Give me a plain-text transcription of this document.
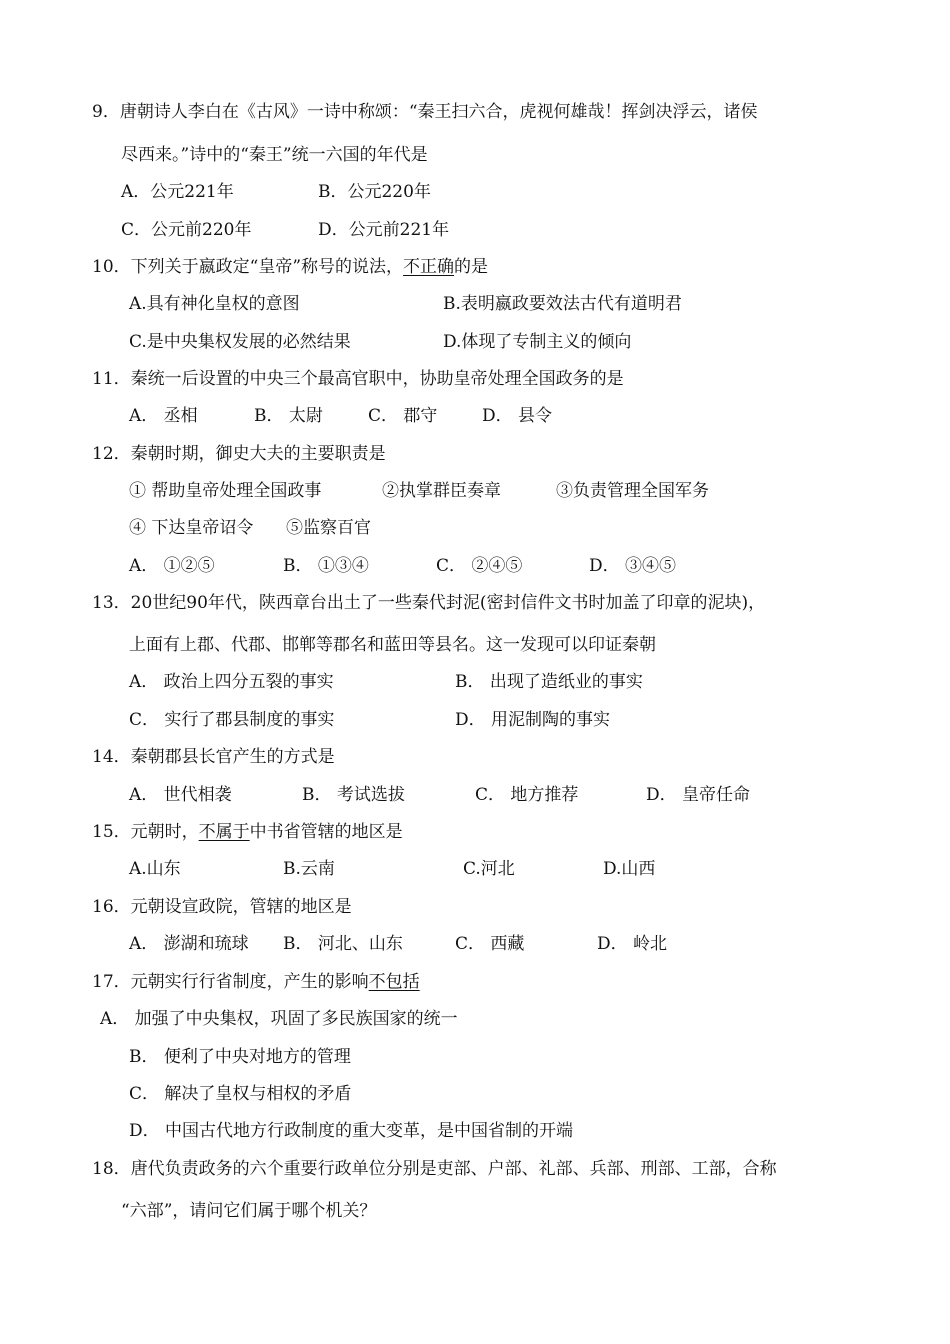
9．唐朝诗人李白在《古风》一诗中称颂：“秦王扫六合，虎视何雄哉！挥剑决浮云，诸侯
尽西来。”诗中的“秦王”统一六国的年代是
A．公元221年	B．公元220年
C．公元前220年	D．公元前221年
10．下列关于嬴政定“皇帝”称号的说法，不正确的是
A.具有神化皇权的意图	B.表明嬴政要效法古代有道明君
C.是中央集权发展的必然结果	D.体现了专制主义的倾向
11．秦统一后设置的中央三个最高官职中，协助皇帝处理全国政务的是
A． 丞相	B． 太尉	C． 郡守	D． 县令
12．秦朝时期，御史大夫的主要职责是
① 帮助皇帝处理全国政事	②执掌群臣奏章	③负责管理全国军务
④ 下达皇帝诏令 ⑤监察百官
A． ①②⑤	B． ①③④	C． ②④⑤	D． ③④⑤
13．20世纪90年代，陕西章台出土了一些秦代封泥(密封信件文书时加盖了印章的泥块)，
上面有上郡、代郡、邯郸等郡名和蓝田等县名。这一发现可以印证秦朝
A． 政治上四分五裂的事实	B． 出现了造纸业的事实
C． 实行了郡县制度的事实	D． 用泥制陶的事实
14．秦朝郡县长官产生的方式是
A． 世代相袭	B． 考试选拔	C． 地方推荐	D． 皇帝任命
15．元朝时，不属于中书省管辖的地区是
A.山东	B.云南	C.河北	D.山西
16．元朝设宣政院，管辖的地区是
A． 澎湖和琉球 B． 河北、山东	C． 西藏	D． 岭北
17．元朝实行行省制度，产生的影响不包括
A． 加强了中央集权，巩固了多民族国家的统一
B． 便利了中央对地方的管理
C． 解决了皇权与相权的矛盾
D． 中国古代地方行政制度的重大变革，是中国省制的开端
18．唐代负责政务的六个重要行政单位分别是吏部、户部、礼部、兵部、刑部、工部，合称
“六部”，请问它们属于哪个机关？
